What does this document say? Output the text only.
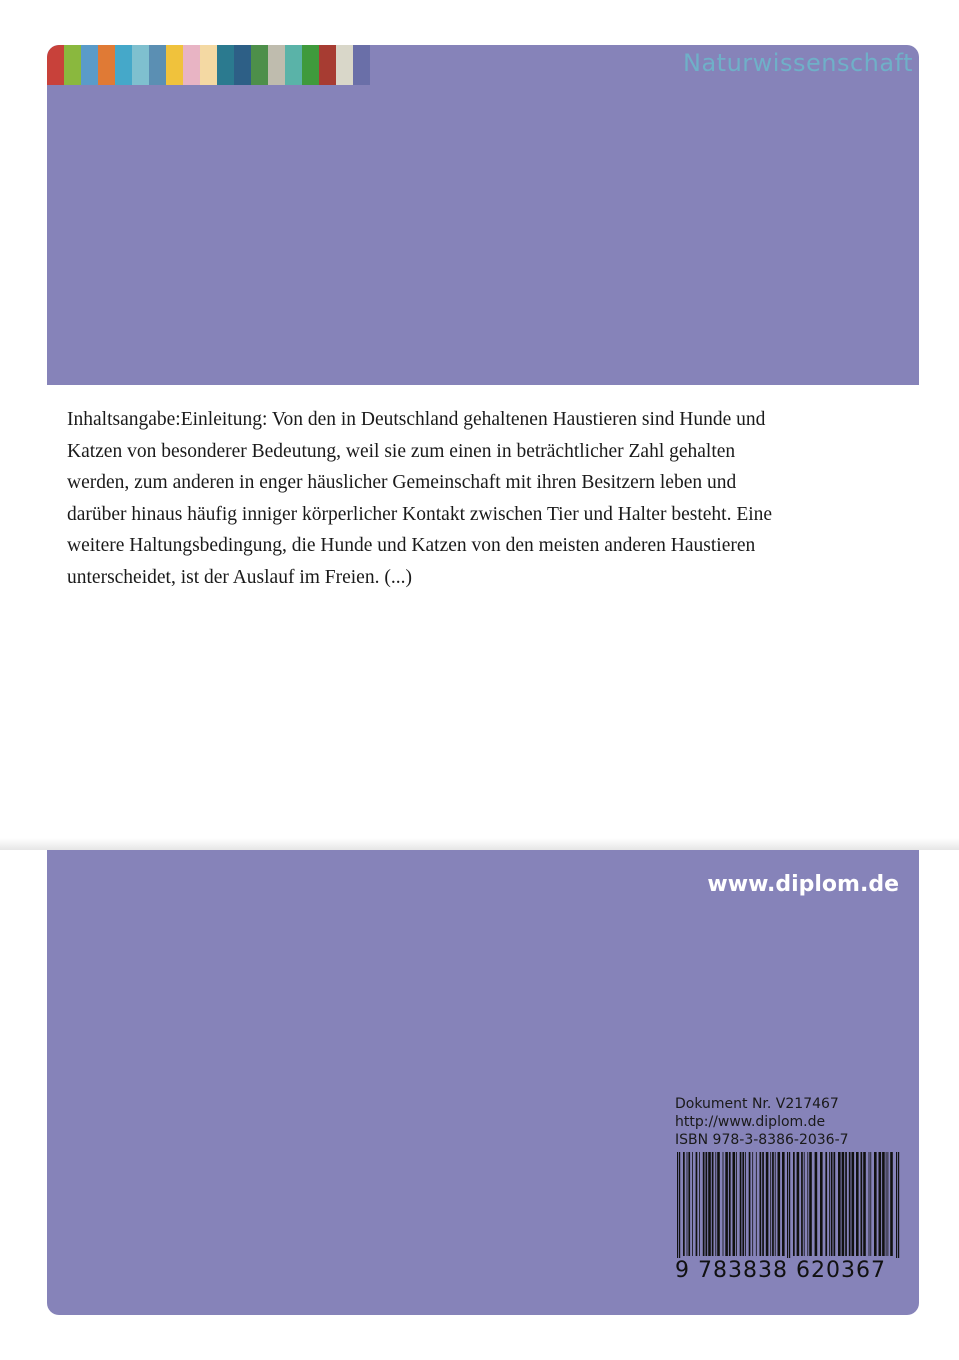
Naturwissenschaft

Inhaltsangabe:Einleitung: Von den in Deutschland gehaltenen Haustieren sind Hunde und Katzen von besonderer Bedeutung, weil sie zum einen in beträchtlicher Zahl gehalten werden, zum anderen in enger häuslicher Gemeinschaft mit ihren Besitzern leben und darüber hinaus häufig inniger körperlicher Kontakt zwischen Tier und Halter besteht. Eine weitere Haltungsbedingung, die Hunde und Katzen von den meisten anderen Haustieren unterscheidet, ist der Auslauf im Freien. (...)

www.diplom.de
Dokument Nr. V217467
http://www.diplom.de
ISBN 978-3-8386-2036-7
9 783838 620367
